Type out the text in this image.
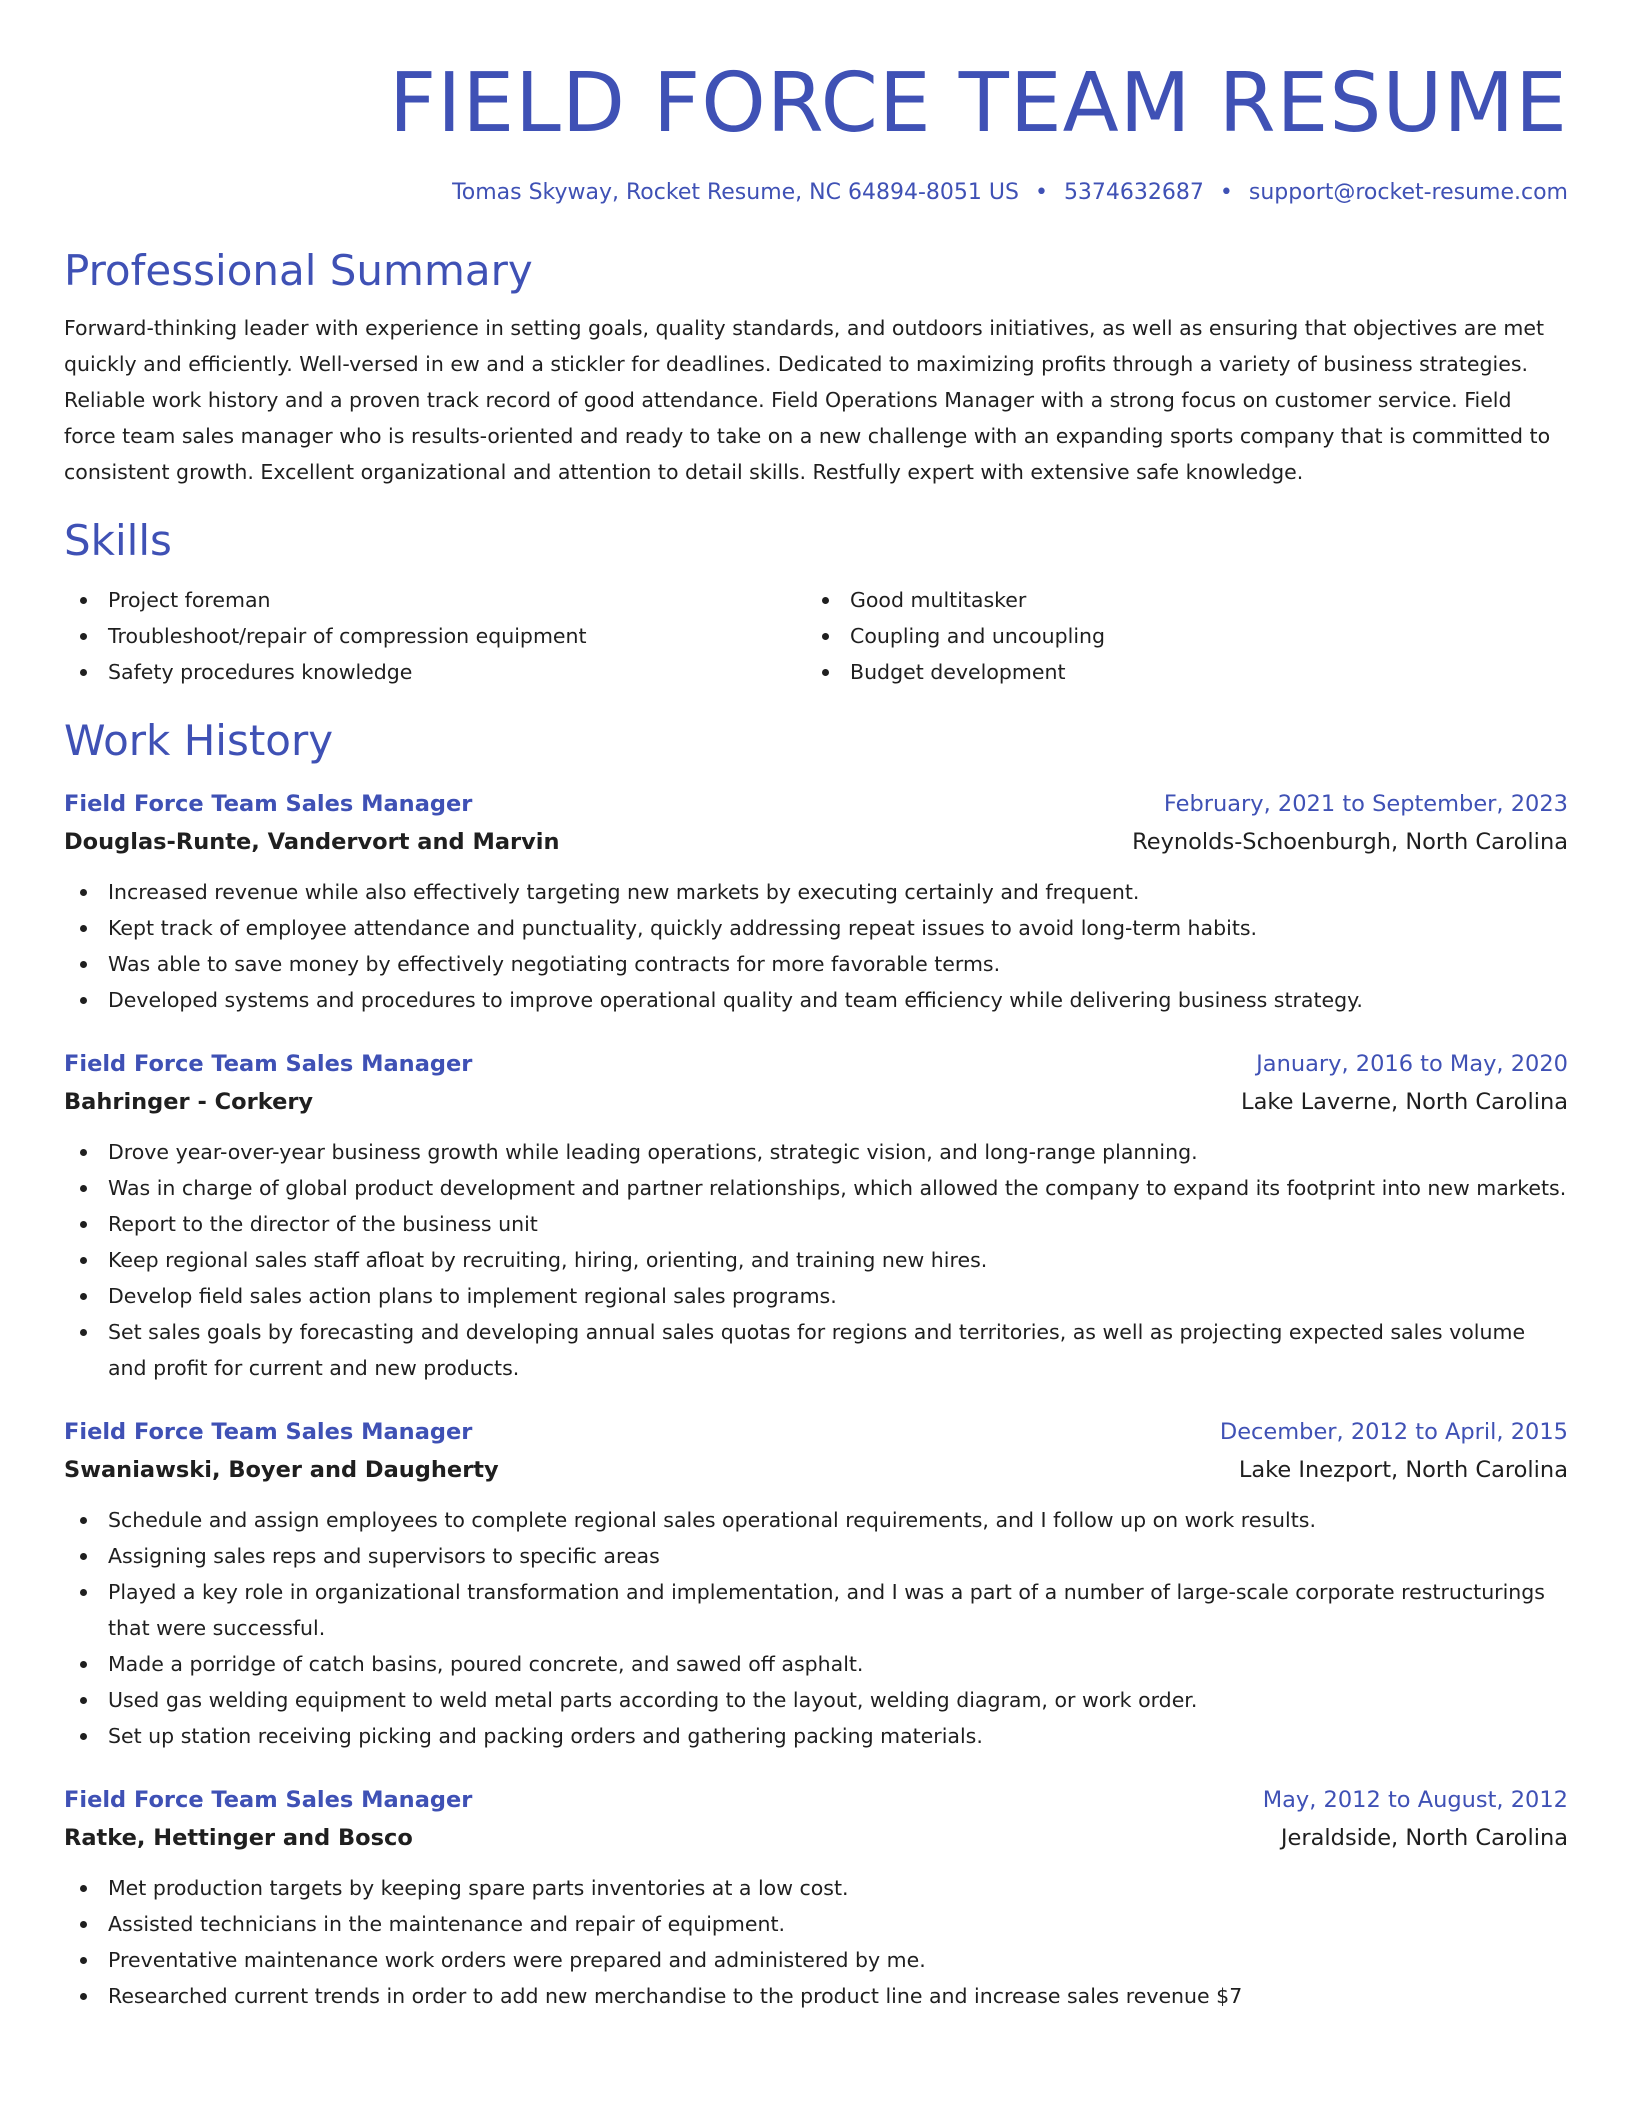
FIELD FORCE TEAM RESUME
Tomas Skyway, Rocket Resume, NC 64894-8051 US • 5374632687 • support@rocket-resume.com
Professional Summary

Forward-thinking leader with experience in setting goals, quality standards, and outdoors initiatives, as well as ensuring that objectives are met quickly and efficiently. Well-versed in ew and a stickler for deadlines. Dedicated to maximizing profits through a variety of business strategies. Reliable work history and a proven track record of good attendance. Field Operations Manager with a strong focus on customer service. Field force team sales manager who is results-oriented and ready to take on a new challenge with an expanding sports company that is committed to consistent growth. Excellent organizational and attention to detail skills. Restfully expert with extensive safe knowledge.

Skills
Project foreman
Troubleshoot/repair of compression equipment
Safety procedures knowledge
Good multitasker
Coupling and uncoupling
Budget development
Work History
Field Force Team Sales Manager	February, 2021 to September, 2023
Douglas-Runte, Vandervort and Marvin	Reynolds-Schoenburgh, North Carolina
Increased revenue while also effectively targeting new markets by executing certainly and frequent.
Kept track of employee attendance and punctuality, quickly addressing repeat issues to avoid long-term habits.
Was able to save money by effectively negotiating contracts for more favorable terms.
Developed systems and procedures to improve operational quality and team efficiency while delivering business strategy.
Field Force Team Sales Manager	January, 2016 to May, 2020
Bahringer - Corkery	Lake Laverne, North Carolina
Drove year-over-year business growth while leading operations, strategic vision, and long-range planning.
Was in charge of global product development and partner relationships, which allowed the company to expand its footprint into new markets.
Report to the director of the business unit
Keep regional sales staff afloat by recruiting, hiring, orienting, and training new hires.
Develop field sales action plans to implement regional sales programs.
Set sales goals by forecasting and developing annual sales quotas for regions and territories, as well as projecting expected sales volume and profit for current and new products.
Field Force Team Sales Manager	December, 2012 to April, 2015
Swaniawski, Boyer and Daugherty	Lake Inezport, North Carolina
Schedule and assign employees to complete regional sales operational requirements, and I follow up on work results.
Assigning sales reps and supervisors to specific areas
Played a key role in organizational transformation and implementation, and I was a part of a number of large-scale corporate restructurings that were successful.
Made a porridge of catch basins, poured concrete, and sawed off asphalt.
Used gas welding equipment to weld metal parts according to the layout, welding diagram, or work order.
Set up station receiving picking and packing orders and gathering packing materials.
Field Force Team Sales Manager	May, 2012 to August, 2012
Ratke, Hettinger and Bosco	Jeraldside, North Carolina
Met production targets by keeping spare parts inventories at a low cost.
Assisted technicians in the maintenance and repair of equipment.
Preventative maintenance work orders were prepared and administered by me.
Researched current trends in order to add new merchandise to the product line and increase sales revenue $7
